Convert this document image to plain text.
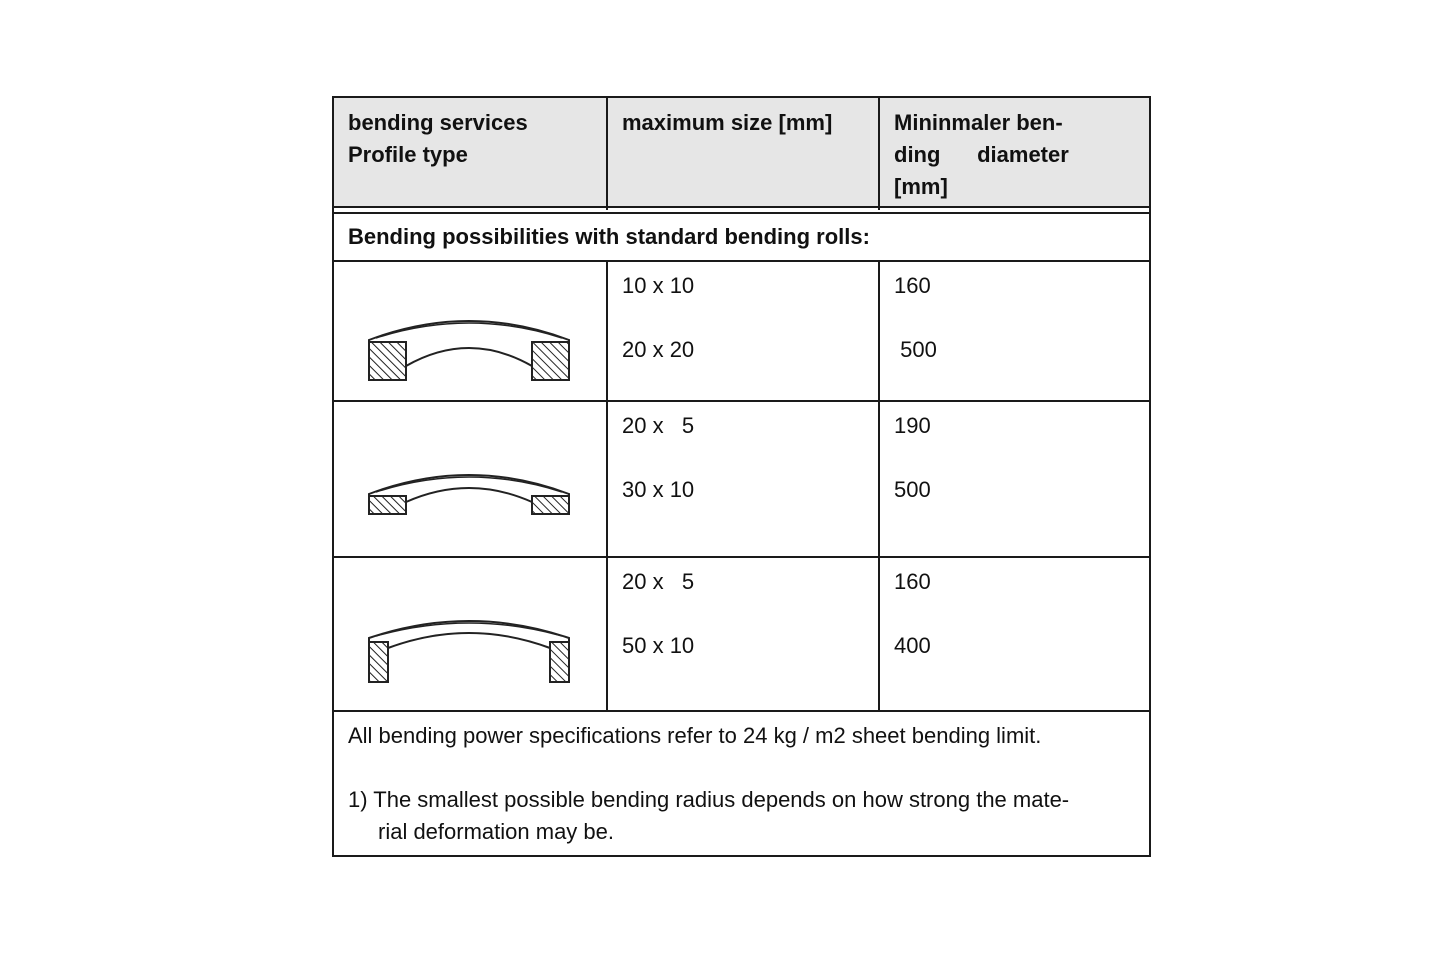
bending services
Profile type
maximum size [mm]	Mininmaler ben-
ding      diameter
[mm]
Bending possibilities with standard bending rolls:
10 x 10
20 x 20
160
500
20 x   5
30 x 10
190
500
20 x   5
50 x 10
160
400
All bending power specifications refer to 24 kg / m2 sheet bending limit.
1) The smallest possible bending radius depends on how strong the mate-
rial deformation may be.
